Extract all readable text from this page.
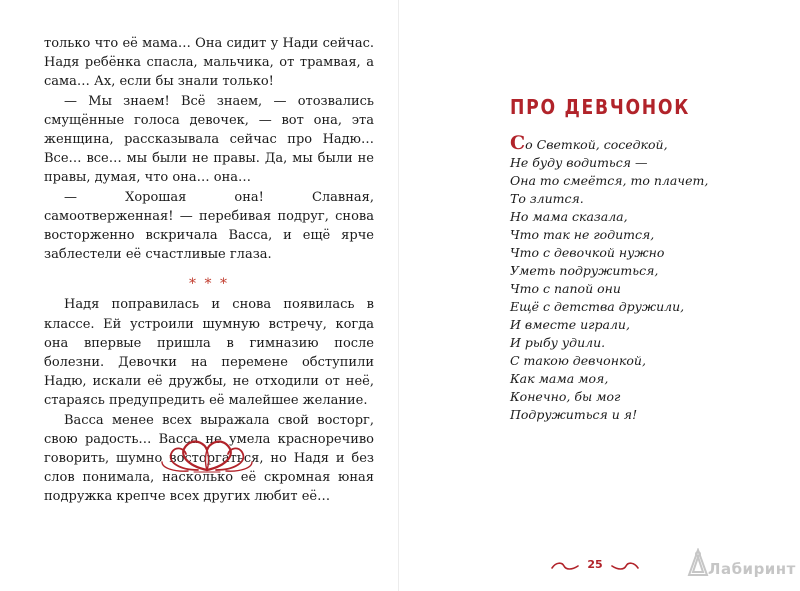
только что её мама… Она сидит у Нади сейчас. Надя ребёнка спасла, мальчика, от трамвая, а сама… Ах, если бы знали только!

— Мы знаем! Всё знаем, — отозвались смущённые голоса девочек, — вот она, эта женщина, рассказывала сейчас про Надю… Все… все… мы были не правы. Да, мы были не правы, думая, что она… она…

— Хорошая она! Славная, самоотверженная! — перебивая подруг, снова восторженно вскричала Васса, и ещё ярче заблестели её счастливые глаза.

* * *

Надя поправилась и снова появилась в классе. Ей устроили шумную встречу, когда она впервые пришла в гимназию после болезни. Девочки на перемене обступили Надю, искали её дружбы, не отходили от неё, стараясь предупредить её малейшее желание.

Васса менее всех выражала свой восторг, свою радость… Васса не умела красноречиво говорить, шумно восторгаться, но Надя и без слов понимала, насколько её скромная юная подружка крепче всех других любит её…

ПРО ДЕВЧОНОК
Со Светкой, соседкой,
Не буду водиться —
Она то смеётся, то плачет,
То злится.
Но мама сказала,
Что так не годится,
Что с девочкой нужно
Уметь подружиться,
Что с папой они
Ещё с детства дружили,
И вместе играли,
И рыбу удили.
С такою девчонкой,
Как мама моя,
Конечно, бы мог
Подружиться и я!
25	Лабиринт
